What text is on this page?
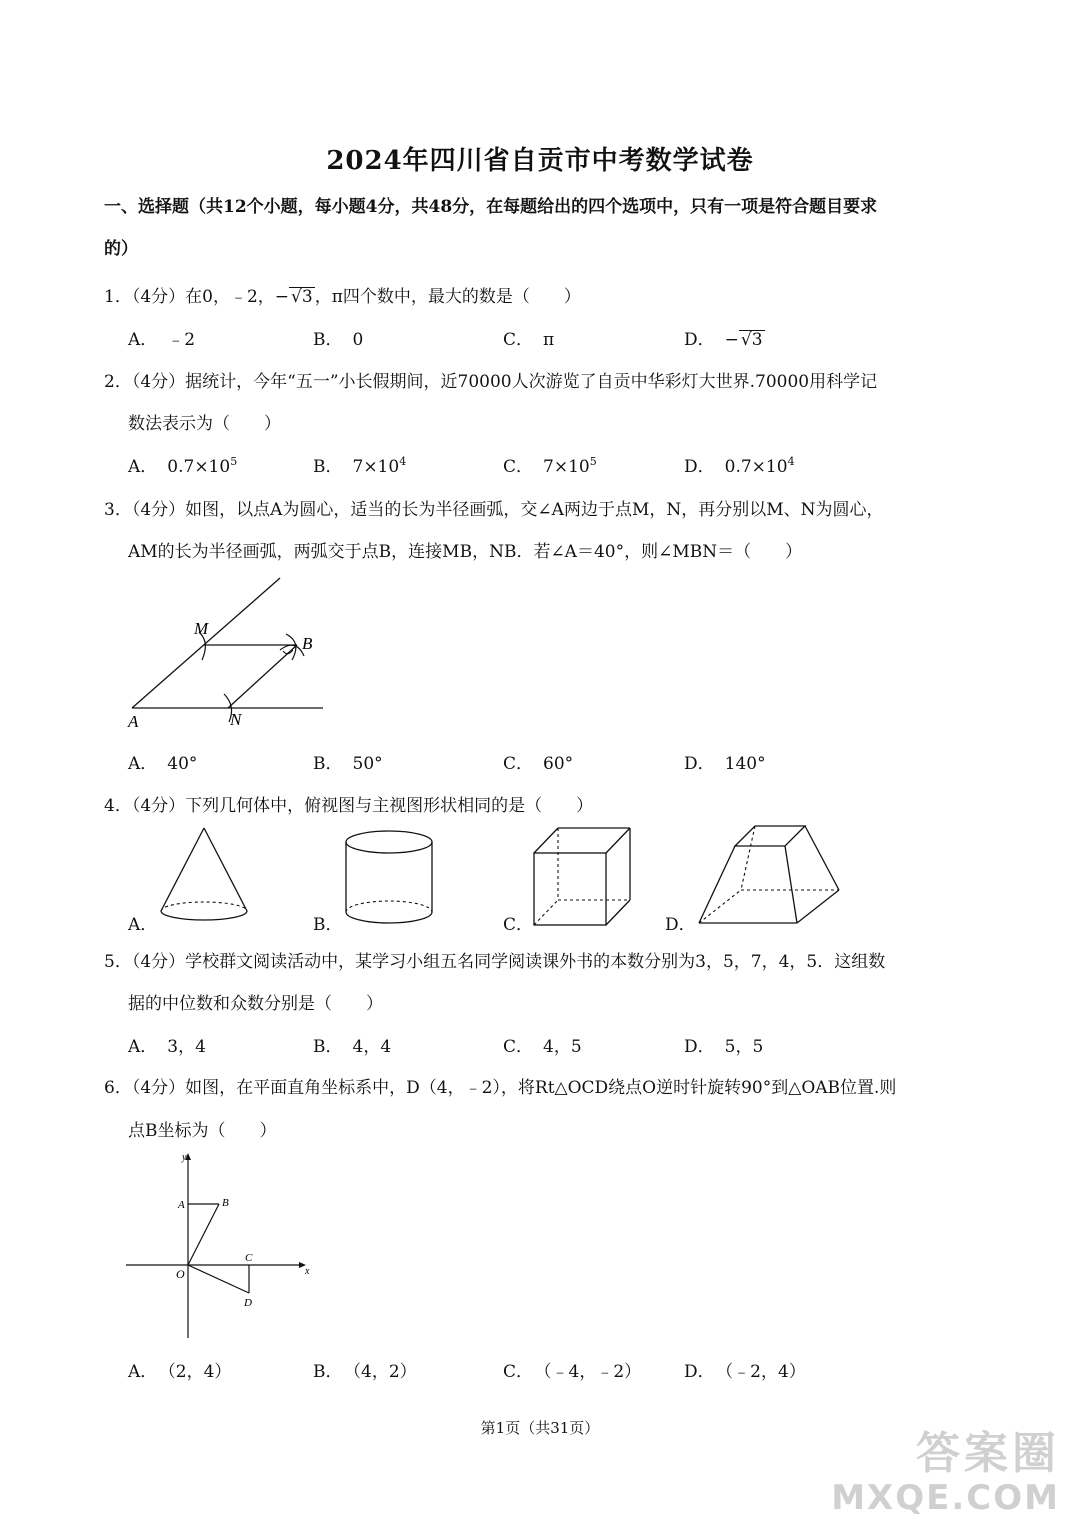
2024年四川省自贡市中考数学试卷
一、选择题（共12个小题，每小题4分，共48分，在每题给出的四个选项中，只有一项是符合题目要求
的）
1．（4分）在0，﹣2，− √3 ，π四个数中，最大的数是（　　）
A． ﹣2	B． 0	C． π	D． − √3
2．（4分）据统计，今年“五一”小长假期间，近70000人次游览了自贡中华彩灯大世界.70000用科学记
数法表示为（　　）
A． $0.7\times 10^5$	B． $7\times 10^4$	C． $7\times 10^5$	D． $0.7\times 10^4$
3．（4分）如图，以点A为圆心，适当的长为半径画弧，交∠A两边于点M，N，再分别以M、N为圆心，
AM的长为半径画弧，两弧交于点B，连接MB，NB．若∠A＝40°，则∠MBN＝（　　）
A
M
B
N
A． 40°	B． 50°	C． 60°	D． 140°
4．（4分）下列几何体中，俯视图与主视图形状相同的是（　　）
A．	B．	C．	D．
5．（4分）学校群文阅读活动中，某学习小组五名同学阅读课外书的本数分别为3，5，7，4，5．这组数
据的中位数和众数分别是（　　）
A． 3，4	B． 4，4	C． 4，5	D． 5，5
6．（4分）如图，在平面直角坐标系中，D（4，﹣2），将Rt△OCD绕点O逆时针旋转90°到△OAB位置.则
点B坐标为（　　）
x
y
O
A	B
C
D
A． （2，4）	B． （4，2）	C． （﹣4，﹣2）	D． （﹣2，4）
第1页（共31页）	答案圈
MXQE.COM
